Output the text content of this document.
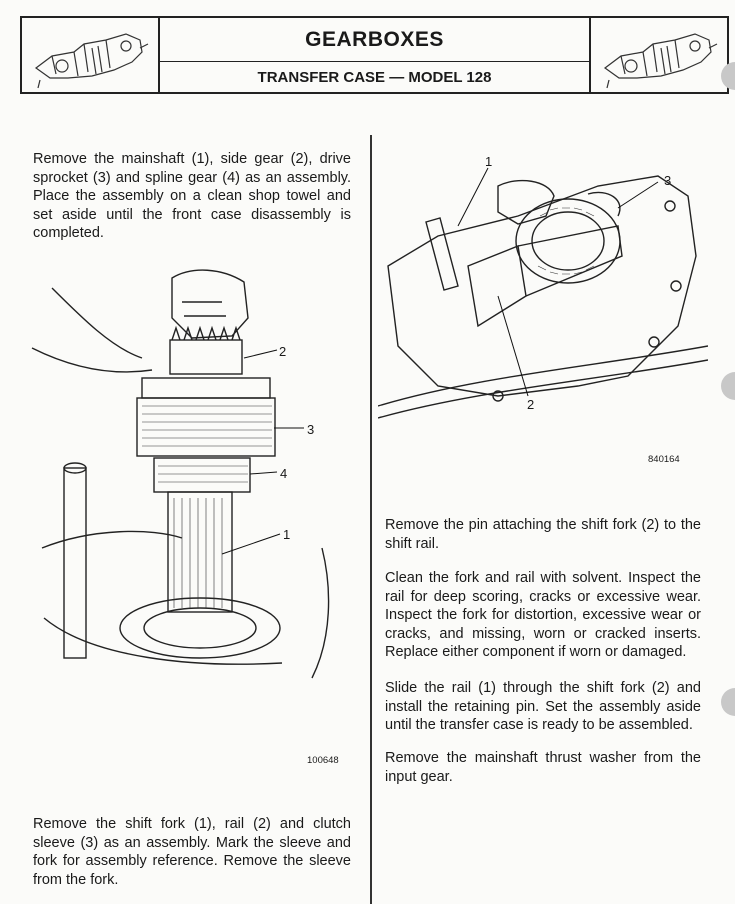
GEARBOXES
TRANSFER CASE — MODEL 128
Remove the mainshaft (1), side gear (2), drive sprocket (3) and spline gear (4) as an assembly. Place the assembly on a clean shop towel and set aside until the front case disassembly is completed.
2
3
4
1
100648
Remove the shift fork (1), rail (2) and clutch sleeve (3) as an assembly. Mark the sleeve and fork for assembly reference. Remove the sleeve from the fork.
1
3
2
840164
Remove the pin attaching the shift fork (2) to the shift rail.
Clean the fork and rail with solvent. Inspect the rail for deep scoring, cracks or excessive wear. Inspect the fork for distortion, excessive wear or cracks, and missing, worn or cracked inserts. Replace either component if worn or damaged.
Slide the rail (1) through the shift fork (2) and install the retaining pin. Set the assembly aside until the transfer case is ready to be assembled.
Remove the mainshaft thrust washer from the input gear.
